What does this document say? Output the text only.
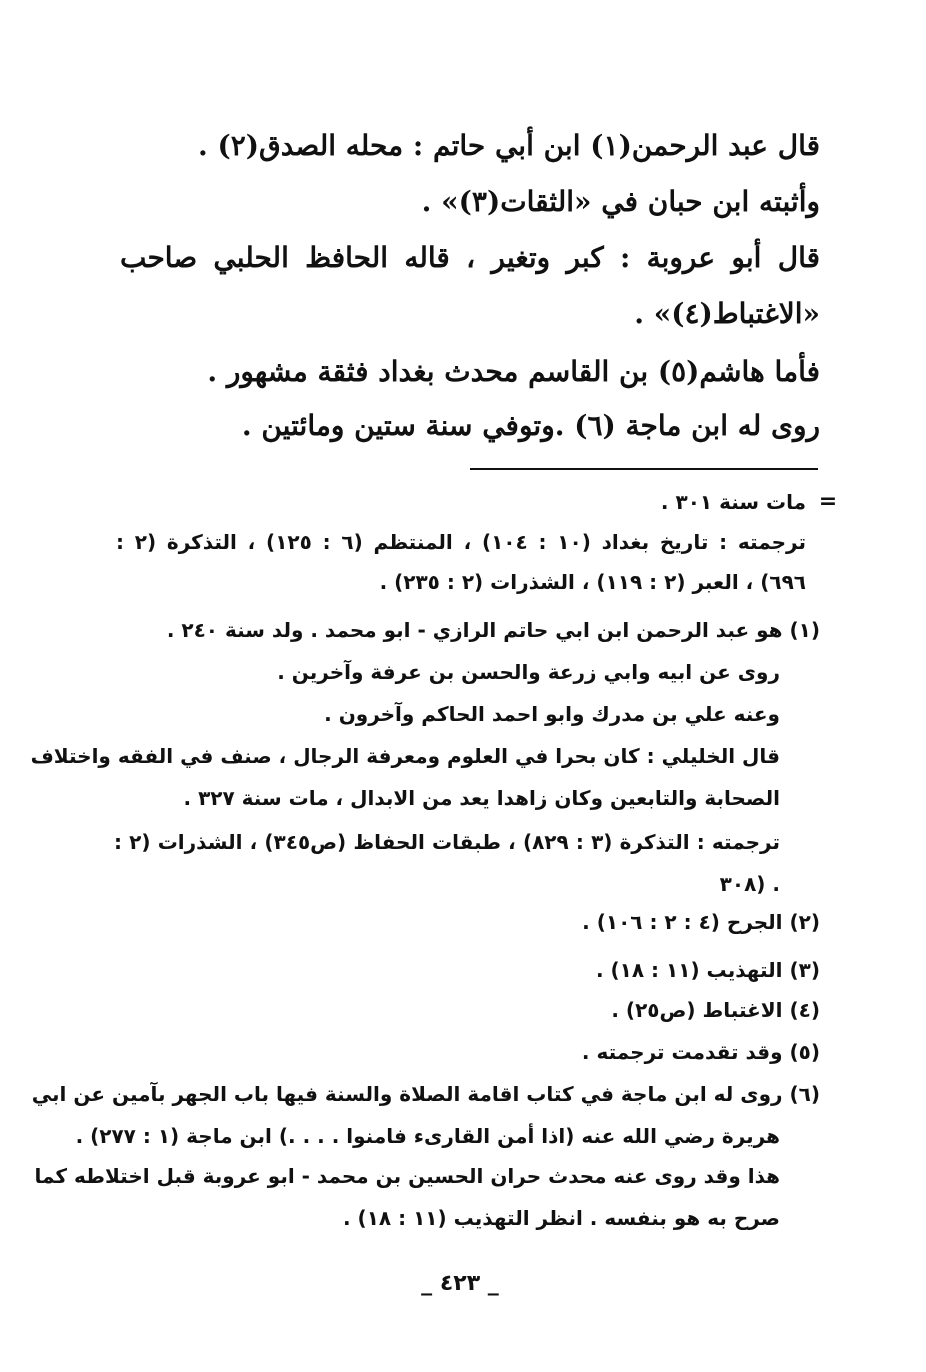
قال عبد الرحمن(١) ابن أبي حاتم : محله الصدق(٢) .
وأثبته ابن حبان في «الثقات(٣)» .
قال أبو عروبة : كبر وتغير ، قاله الحافظ الحلبي صاحب
«الاغتباط(٤)» .
فأما هاشم(٥) بن القاسم محدث بغداد فثقة مشهور .
روى له ابن ماجة (٦) .وتوفي سنة ستين ومائتين .
=
مات سنة ٣٠١ .
ترجمته : تاريخ بغداد (١٠ : ١٠٤) ، المنتظم (٦ : ١٢٥) ، التذكرة (٢ :
٦٩٦) ، العبر (٢ : ١١٩) ، الشذرات (٢ : ٢٣٥) .
(١) هو عبد الرحمن ابن ابي حاتم الرازي - ابو محمد . ولد سنة ٢٤٠ .
روى عن ابيه وابي زرعة والحسن بن عرفة وآخرين .
وعنه علي بن مدرك وابو احمد الحاكم وآخرون .
قال الخليلي : كان بحرا في العلوم ومعرفة الرجال ، صنف في الفقه واختلاف
الصحابة والتابعين وكان زاهدا يعد من الابدال ، مات سنة ٣٢٧ .
ترجمته : التذكرة (٣ : ٨٢٩) ، طبقات الحفاظ (ص٣٤٥) ، الشذرات (٢ :
٣٠٨) .
(٢) الجرح (٤ : ٢ : ١٠٦) .
(٣) التهذيب (١١ : ١٨) .
(٤) الاغتباط (ص٢٥) .
(٥) وقد تقدمت ترجمته .
(٦) روى له ابن ماجة في كتاب اقامة الصلاة والسنة فيها باب الجهر بآمين عن ابي
هريرة رضي الله عنه (اذا أمن القارىء فامنوا . . . .) ابن ماجة (١ : ٢٧٧) .
هذا وقد روى عنه محدث حران الحسين بن محمد - ابو عروبة قبل اختلاطه كما
صرح به هو بنفسه . انظر التهذيب (١١ : ١٨) .
_ ٤٢٣ _
